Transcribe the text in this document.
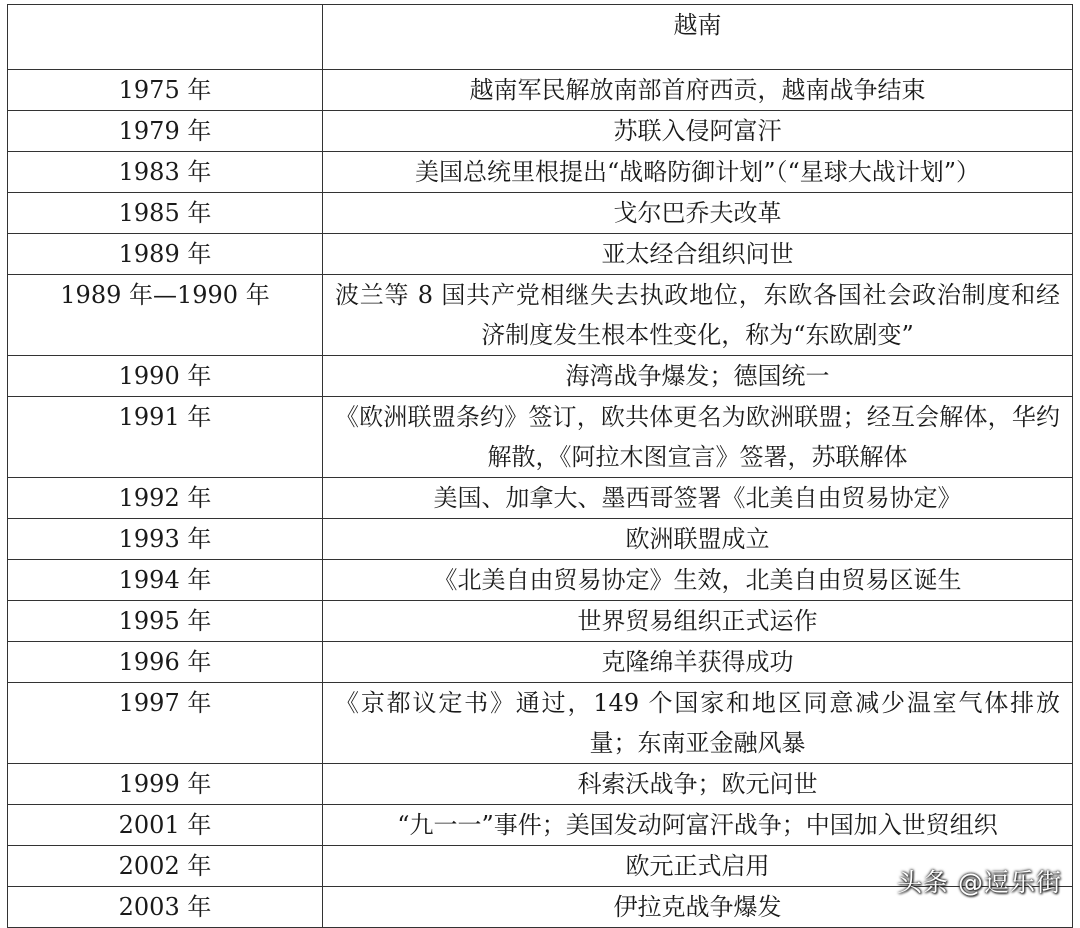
	越南
1975 年	越南军民解放南部首府西贡，越南战争结束
1979 年	苏联入侵阿富汗
1983 年	美国总统里根提出“战略防御计划”（“星球大战计划”）
1985 年	戈尔巴乔夫改革
1989 年	亚太经合组织问世
1989 年—1990 年	波兰等 8 国共产党相继失去执政地位，东欧各国社会政治制度和经济制度发生根本性变化，称为“东欧剧变”
1990 年	海湾战争爆发；德国统一
1991 年	《欧洲联盟条约》签订，欧共体更名为欧洲联盟；经互会解体，华约解散，《阿拉木图宣言》签署，苏联解体
1992 年	美国、加拿大、墨西哥签署《北美自由贸易协定》
1993 年	欧洲联盟成立
1994 年	《北美自由贸易协定》生效，北美自由贸易区诞生
1995 年	世界贸易组织正式运作
1996 年	克隆绵羊获得成功
1997 年	《京都议定书》通过，149 个国家和地区同意减少温室气体排放量；东南亚金融风暴
1999 年	科索沃战争；欧元问世
2001 年	“九一一”事件；美国发动阿富汗战争；中国加入世贸组织
2002 年	欧元正式启用
2003 年	伊拉克战争爆发
头条 @逗乐街
